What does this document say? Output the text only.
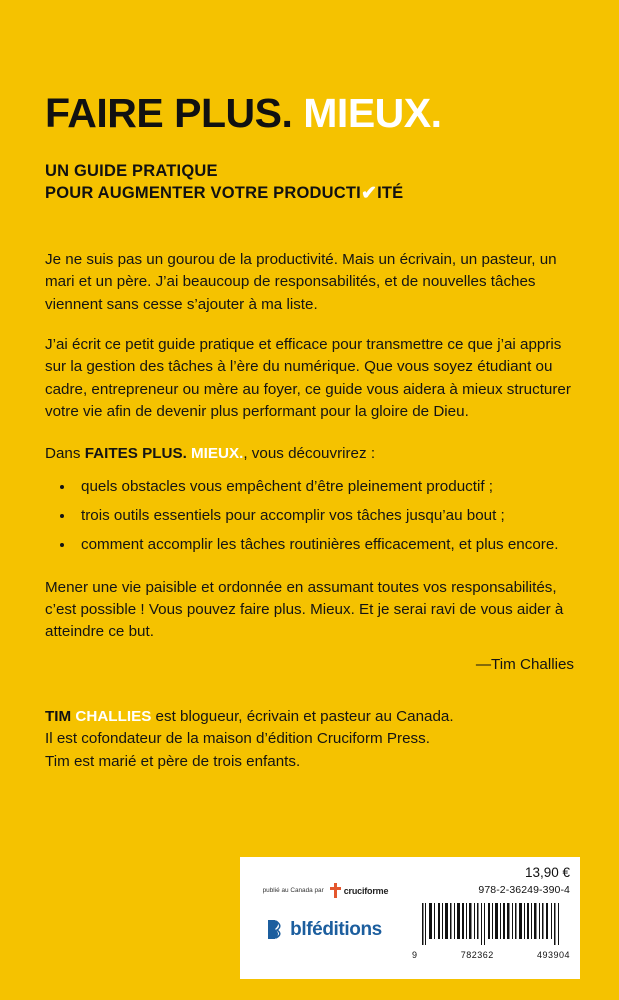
FAIRE PLUS. MIEUX.
UN GUIDE PRATIQUE
POUR AUGMENTER VOTRE PRODUCTI✔ITÉ

Je ne suis pas un gourou de la productivité. Mais un écrivain, un pasteur, un mari et un père. J’ai beaucoup de responsabilités, et de nouvelles tâches viennent sans cesse s’ajouter à ma liste.

J’ai écrit ce petit guide pratique et efficace pour transmettre ce que j’ai appris sur la gestion des tâches à l’ère du numérique. Que vous soyez étudiant ou cadre, entrepreneur ou mère au foyer, ce guide vous aidera à mieux structurer votre vie afin de devenir plus performant pour la gloire de Dieu.

Dans FAITES PLUS. MIEUX., vous découvrirez :
• quels obstacles vous empêchent d’être pleinement productif ;
• trois outils essentiels pour accomplir vos tâches jusqu’au bout ;
• comment accomplir les tâches routinières efficacement, et plus encore.
Mener une vie paisible et ordonnée en assumant toutes vos responsabilités, c’est possible ! Vous pouvez faire plus. Mieux. Et je serai ravi de vous aider à atteindre ce but.
—Tim Challies
TIM CHALLIES est blogueur, écrivain et pasteur au Canada.
Il est cofondateur de la maison d’édition Cruciform Press.
Tim est marié et père de trois enfants.
publié au Canada par cruciforme
blféditions
13,90 €
978-2-36249-390-4
9	782362	493904
